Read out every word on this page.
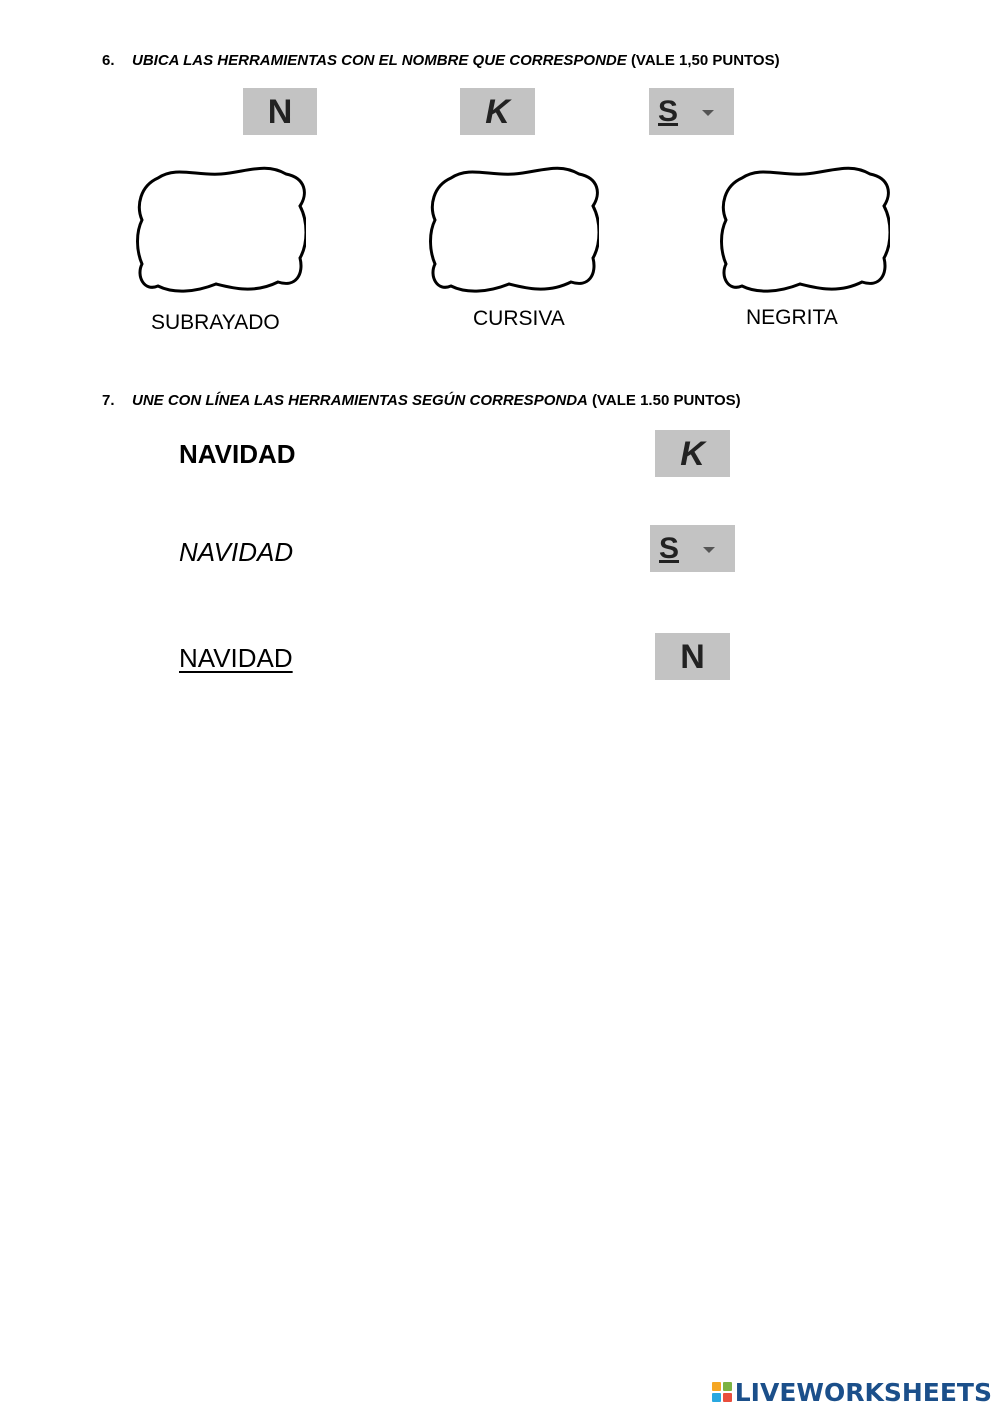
6. UBICA LAS HERRAMIENTAS CON EL NOMBRE QUE CORRESPONDE (VALE 1,50 PUNTOS)
N	K	S
SUBRAYADO	CURSIVA	NEGRITA
7. UNE CON LÍNEA LAS HERRAMIENTAS SEGÚN CORRESPONDA (VALE 1.50 PUNTOS)
NAVIDAD
NAVIDAD
NAVIDAD
K
S
N
LIVEWORKSHEETS
